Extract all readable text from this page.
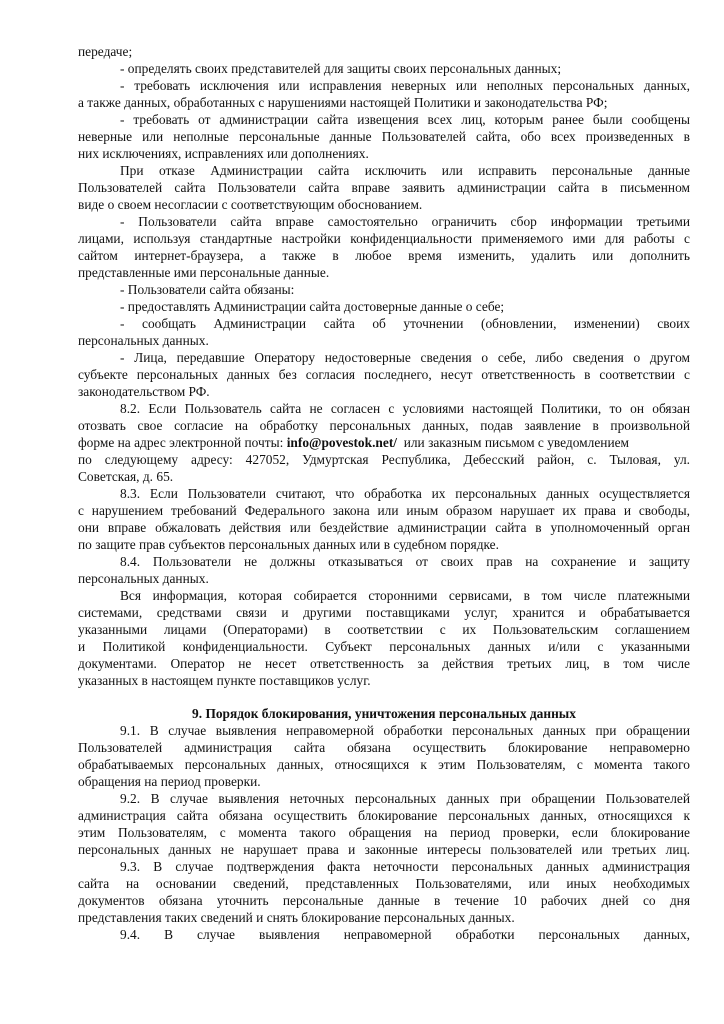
передаче;
- определять своих представителей для защиты своих персональных данных;
- требовать исключения или исправления неверных или неполных персональных данных,
а также данных, обработанных с нарушениями настоящей Политики и законодательства РФ;
- требовать от администрации сайта извещения всех лиц, которым ранее были сообщены
неверные или неполные персональные данные Пользователей сайта, обо всех произведенных в
них исключениях, исправлениях или дополнениях.
При отказе Администрации сайта исключить или исправить персональные данные
Пользователей сайта Пользователи сайта вправе заявить администрации сайта в письменном
виде о своем несогласии с соответствующим обоснованием.
- Пользователи сайта вправе самостоятельно ограничить сбор информации третьими
лицами, используя стандартные настройки конфиденциальности применяемого ими для работы с
сайтом интернет-браузера, а также в любое время изменить, удалить или дополнить
представленные ими персональные данные.
- Пользователи сайта обязаны:
- предоставлять Администрации сайта достоверные данные о себе;
- сообщать Администрации сайта об уточнении (обновлении, изменении) своих
персональных данных.
- Лица, передавшие Оператору недостоверные сведения о себе, либо сведения о другом
субъекте персональных данных без согласия последнего, несут ответственность в соответствии с
законодательством РФ.
8.2. Если Пользователь сайта не согласен с условиями настоящей Политики, то он обязан
отозвать свое согласие на обработку персональных данных, подав заявление в произвольной
форме на адрес электронной почты: info@povestok.net/ или заказным письмом с уведомлением
по следующему адресу: 427052, Удмуртская Республика, Дебесский район, с. Тыловая, ул.
Советская, д. 65.
8.3. Если Пользователи считают, что обработка их персональных данных осуществляется
с нарушением требований Федерального закона или иным образом нарушает их права и свободы,
они вправе обжаловать действия или бездействие администрации сайта в уполномоченный орган
по защите прав субъектов персональных данных или в судебном порядке.
8.4. Пользователи не должны отказываться от своих прав на сохранение и защиту
персональных данных.
Вся информация, которая собирается сторонними сервисами, в том числе платежными
системами, средствами связи и другими поставщиками услуг, хранится и обрабатывается
указанными лицами (Операторами) в соответствии с их Пользовательским соглашением
и Политикой конфиденциальности. Субъект персональных данных и/или с указанными
документами. Оператор не несет ответственность за действия третьих лиц, в том числе
указанных в настоящем пункте поставщиков услуг.
9. Порядок блокирования, уничтожения персональных данных
9.1. В случае выявления неправомерной обработки персональных данных при обращении
Пользователей администрация сайта обязана осуществить блокирование неправомерно
обрабатываемых персональных данных, относящихся к этим Пользователям, с момента такого
обращения на период проверки.
9.2. В случае выявления неточных персональных данных при обращении Пользователей
администрация сайта обязана осуществить блокирование персональных данных, относящихся к
этим Пользователям, с момента такого обращения на период проверки, если блокирование
персональных данных не нарушает права и законные интересы пользователей или третьих лиц.
9.3. В случае подтверждения факта неточности персональных данных администрация
сайта на основании сведений, представленных Пользователями, или иных необходимых
документов обязана уточнить персональные данные в течение 10 рабочих дней со дня
представления таких сведений и снять блокирование персональных данных.
9.4. В случае выявления неправомерной обработки персональных данных,
